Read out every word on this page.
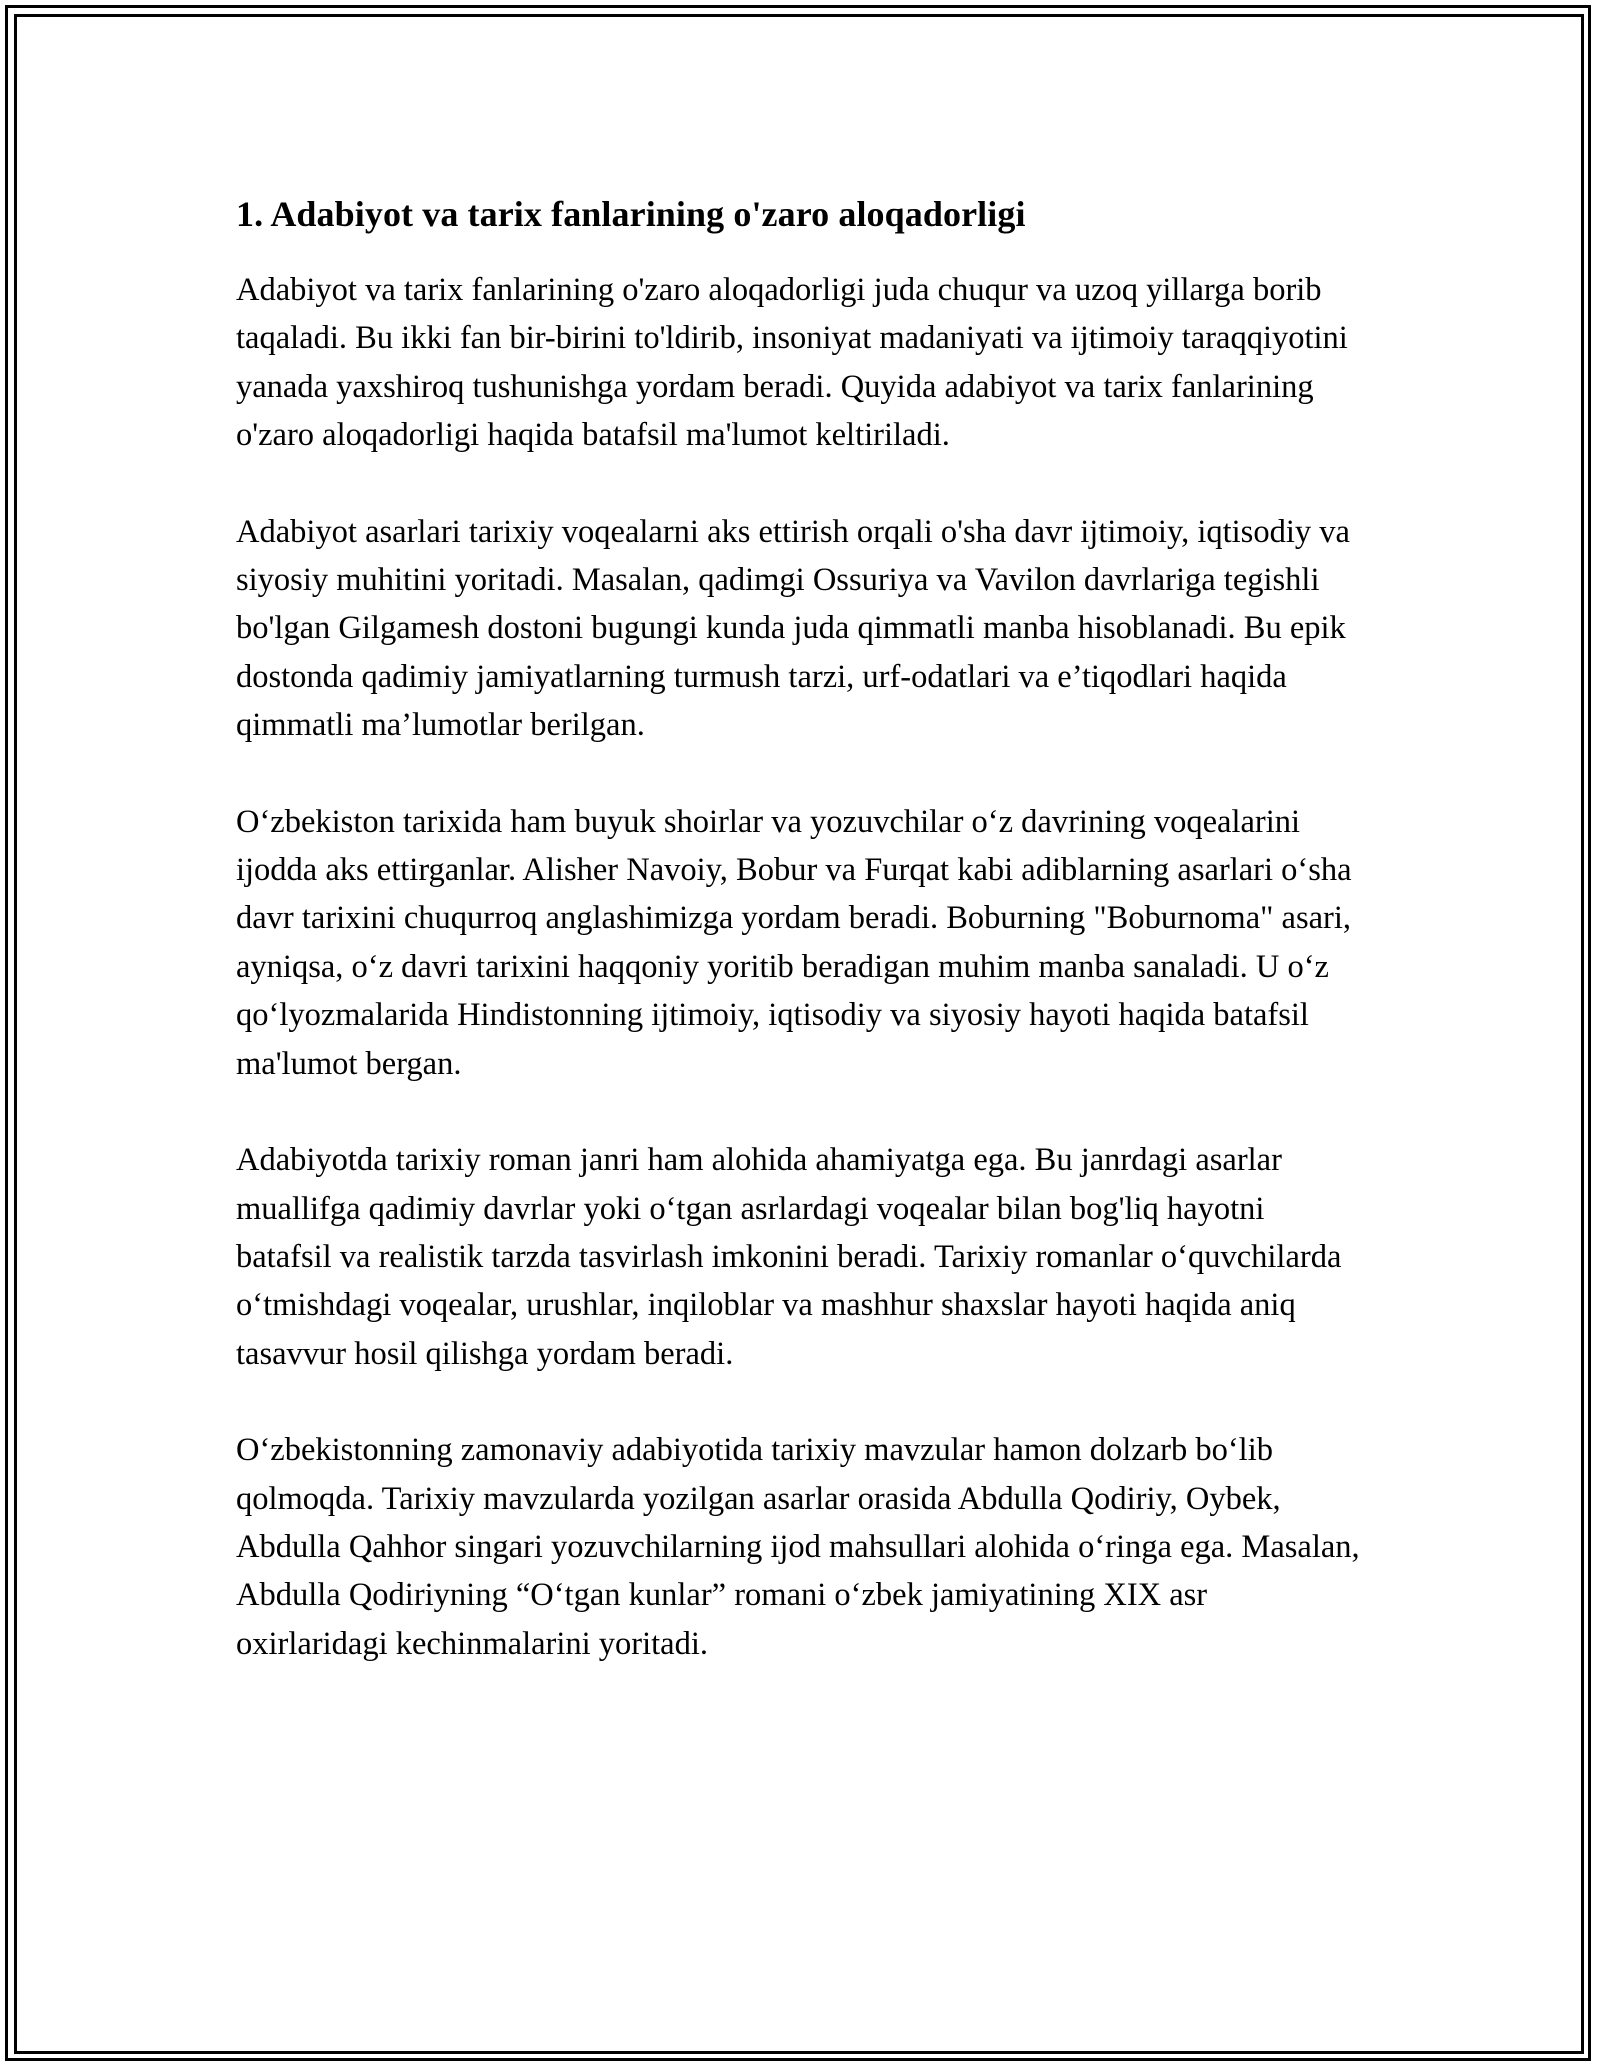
1. Adabiyot va tarix fanlarining o'zaro aloqadorligi

Adabiyot va tarix fanlarining o'zaro aloqadorligi juda chuqur va uzoq yillarga borib taqaladi. Bu ikki fan bir-birini to'ldirib, insoniyat madaniyati va ijtimoiy taraqqiyotini yanada yaxshiroq tushunishga yordam beradi. Quyida adabiyot va tarix fanlarining o'zaro aloqadorligi haqida batafsil ma'lumot keltiriladi.

Adabiyot asarlari tarixiy voqealarni aks ettirish orqali o'sha davr ijtimoiy, iqtisodiy va siyosiy muhitini yoritadi. Masalan, qadimgi Ossuriya va Vavilon davrlariga tegishli bo'lgan Gilgamesh dostoni bugungi kunda juda qimmatli manba hisoblanadi. Bu epik dostonda qadimiy jamiyatlarning turmush tarzi, urf-odatlari va e’tiqodlari haqida qimmatli ma’lumotlar berilgan.

O‘zbekiston tarixida ham buyuk shoirlar va yozuvchilar o‘z davrining voqealarini ijodda aks ettirganlar. Alisher Navoiy, Bobur va Furqat kabi adiblarning asarlari o‘sha davr tarixini chuqurroq anglashimizga yordam beradi. Boburning "Boburnoma" asari, ayniqsa, o‘z davri tarixini haqqoniy yoritib beradigan muhim manba sanaladi. U o‘z qo‘lyozmalarida Hindistonning ijtimoiy, iqtisodiy va siyosiy hayoti haqida batafsil ma'lumot bergan.

Adabiyotda tarixiy roman janri ham alohida ahamiyatga ega. Bu janrdagi asarlar muallifga qadimiy davrlar yoki o‘tgan asrlardagi voqealar bilan bog'liq hayotni batafsil va realistik tarzda tasvirlash imkonini beradi. Tarixiy romanlar o‘quvchilarda o‘tmishdagi voqealar, urushlar, inqiloblar va mashhur shaxslar hayoti haqida aniq tasavvur hosil qilishga yordam beradi.

O‘zbekistonning zamonaviy adabiyotida tarixiy mavzular hamon dolzarb bo‘lib qolmoqda. Tarixiy mavzularda yozilgan asarlar orasida Abdulla Qodiriy, Oybek, Abdulla Qahhor singari yozuvchilarning ijod mahsullari alohida o‘ringa ega. Masalan, Abdulla Qodiriyning “O‘tgan kunlar” romani o‘zbek jamiyatining XIX asr oxirlaridagi kechinmalarini yoritadi.
